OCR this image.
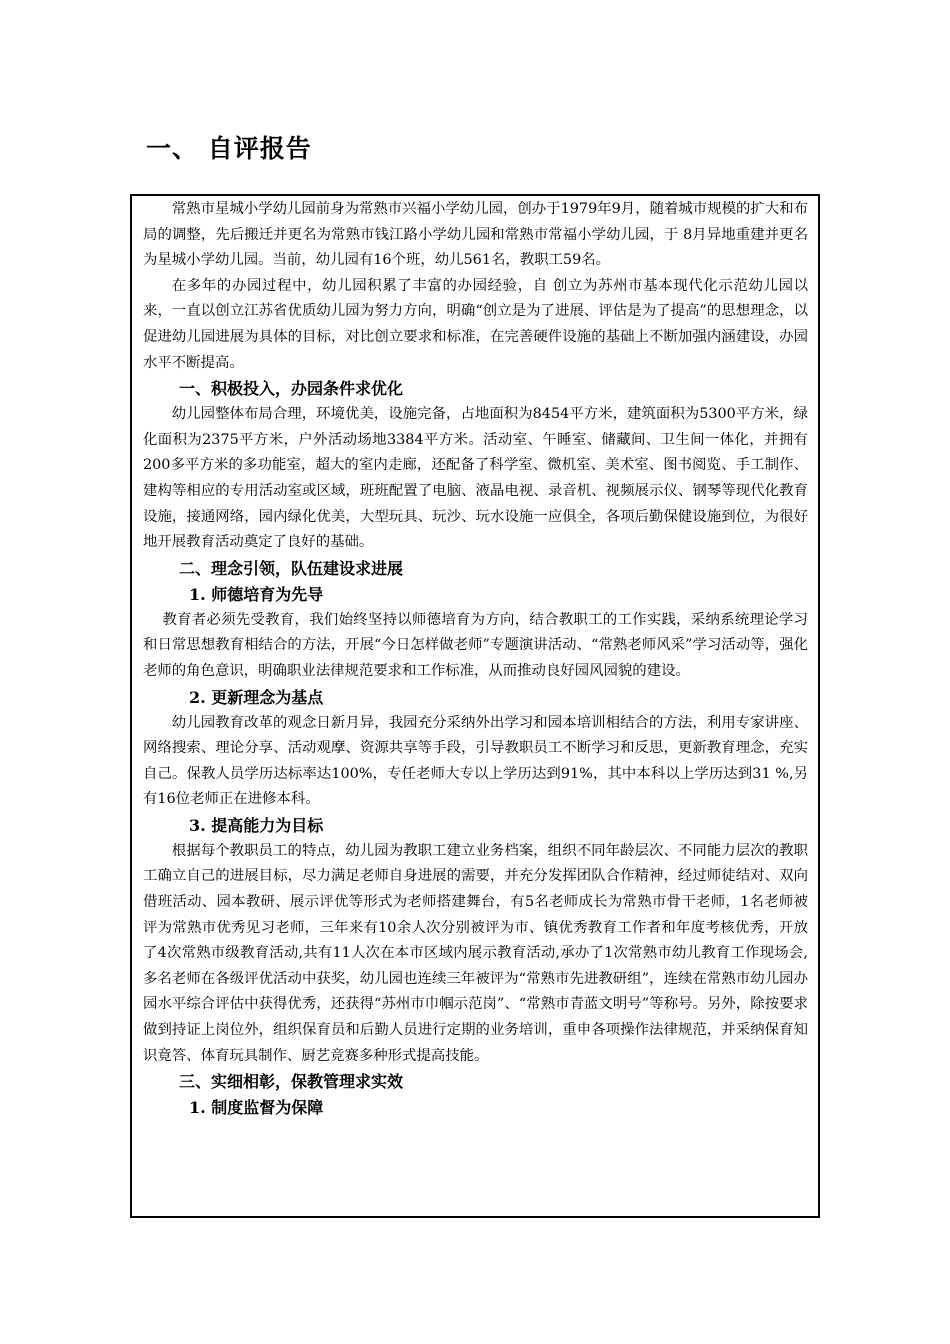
一、 自评报告

常熟市星城小学幼儿园前身为常熟市兴福小学幼儿园，创办于1979年9月，随着城市规模的扩大和布局的调整，先后搬迁并更名为常熟市钱江路小学幼儿园和常熟市常福小学幼儿园，于 8月异地重建并更名为星城小学幼儿园。当前，幼儿园有16个班，幼儿561名，教职工59名。

在多年的办园过程中，幼儿园积累了丰富的办园经验，自 创立为苏州市基本现代化示范幼儿园以来，一直以创立江苏省优质幼儿园为努力方向，明确“创立是为了进展、评估是为了提高”的思想理念，以促进幼儿园进展为具体的目标，对比创立要求和标准，在完善硬件设施的基础上不断加强内涵建设，办园水平不断提高。

一、积极投入，办园条件求优化

幼儿园整体布局合理，环境优美，设施完备，占地面积为8454平方米，建筑面积为5300平方米，绿化面积为2375平方米，户外活动场地3384平方米。活动室、午睡室、储藏间、卫生间一体化，并拥有200多平方米的多功能室，超大的室内走廊，还配备了科学室、微机室、美术室、图书阅览、手工制作、建构等相应的专用活动室或区域，班班配置了电脑、液晶电视、录音机、视频展示仪、钢琴等现代化教育设施，接通网络，园内绿化优美，大型玩具、玩沙、玩水设施一应俱全，各项后勤保健设施到位，为很好地开展教育活动奠定了良好的基础。

二、理念引领，队伍建设求进展

1. 师德培育为先导

教育者必须先受教育，我们始终坚持以师德培育为方向，结合教职工的工作实践，采纳系统理论学习和日常思想教育相结合的方法，开展“今日怎样做老师”专题演讲活动、“常熟老师风采”学习活动等，强化老师的角色意识，明确职业法律规范要求和工作标准，从而推动良好园风园貌的建设。

2. 更新理念为基点

幼儿园教育改革的观念日新月异，我园充分采纳外出学习和园本培训相结合的方法，利用专家讲座、网络搜索、理论分享、活动观摩、资源共享等手段，引导教职员工不断学习和反思，更新教育理念，充实自己。保教人员学历达标率达100%，专任老师大专以上学历达到91%，其中本科以上学历达到31 %,另有16位老师正在进修本科。

3. 提高能力为目标

根据每个教职员工的特点，幼儿园为教职工建立业务档案，组织不同年龄层次、不同能力层次的教职工确立自己的进展目标，尽力满足老师自身进展的需要，并充分发挥团队合作精神，经过师徒结对、双向借班活动、园本教研、展示评优等形式为老师搭建舞台，有5名老师成长为常熟市骨干老师，1名老师被评为常熟市优秀见习老师，三年来有10余人次分别被评为市、镇优秀教育工作者和年度考核优秀，开放了4次常熟市级教育活动,共有11人次在本市区域内展示教育活动,承办了1次常熟市幼儿教育工作现场会,多名老师在各级评优活动中获奖，幼儿园也连续三年被评为“常熟市先进教研组”，连续在常熟市幼儿园办园水平综合评估中获得优秀，还获得“苏州市巾帼示范岗”、“常熟市青蓝文明号”等称号。另外，除按要求做到持证上岗位外，组织保育员和后勤人员进行定期的业务培训，重申各项操作法律规范，并采纳保育知识竟答、体育玩具制作、厨艺竞赛多种形式提高技能。

三、实细相彰，保教管理求实效

1. 制度监督为保障
